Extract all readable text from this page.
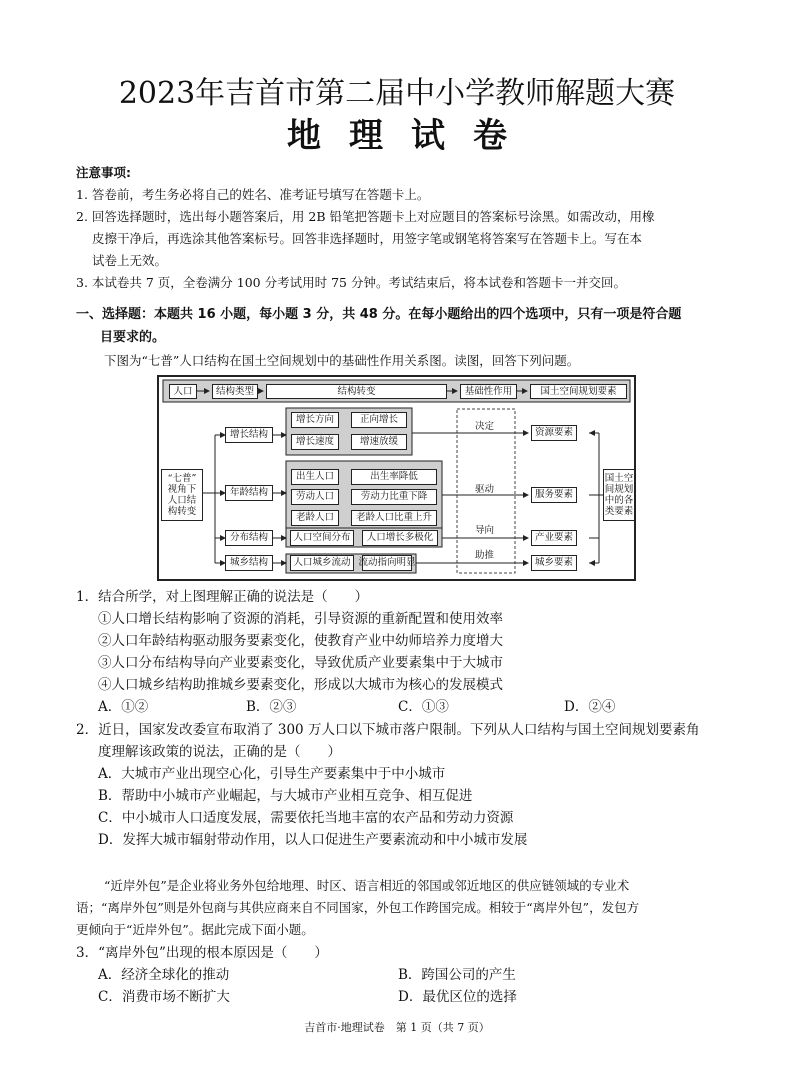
2023年吉首市第二届中小学教师解题大赛
地理试卷
注意事项:
1. 答卷前，考生务必将自己的姓名、准考证号填写在答题卡上。
2. 回答选择题时，选出每小题答案后，用 2B 铅笔把答题卡上对应题目的答案标号涂黑。如需改动，用橡
皮擦干净后，再选涂其他答案标号。回答非选择题时，用签字笔或钢笔将答案写在答题卡上。写在本
试卷上无效。
3. 本试卷共 7 页，全卷满分 100 分考试用时 75 分钟。考试结束后，将本试卷和答题卡一并交回。
一、选择题：本题共 16 小题，每小题 3 分，共 48 分。在每小题给出的四个选项中，只有一项是符合题
目要求的。
下图为“七普”人口结构在国土空间规划中的基础性作用关系图。读图，回答下列问题。
人口	结构类型	结构转变	基础性作用	国土空间规划要素
“七普”
视角下
人口结
构转变
增长结构
年龄结构
分布结构
城乡结构
增长方向	正向增长
增长速度	增速放缓
出生人口	出生率降低
劳动人口	劳动力比重下降
老龄人口	老龄人口比重上升
人口空间分布	人口增长多极化
人口城乡流动 流动指向明显
决定
驱动
导向
助推
资源要素
服务要素
产业要素
城乡要素
国土空
间规划
中的各
类要素
1．结合所学，对上图理解正确的说法是（　　）
①人口增长结构影响了资源的消耗，引导资源的重新配置和使用效率
②人口年龄结构驱动服务要素变化，使教育产业中幼师培养力度增大
③人口分布结构导向产业要素变化，导致优质产业要素集中于大城市
④人口城乡结构助推城乡要素变化，形成以大城市为核心的发展模式
A．①②	B．②③	C．①③	D．②④
2．近日，国家发改委宣布取消了 300 万人口以下城市落户限制。下列从人口结构与国土空间规划要素角
度理解该政策的说法，正确的是（　　）
A．大城市产业出现空心化，引导生产要素集中于中小城市
B．帮助中小城市产业崛起，与大城市产业相互竞争、相互促进
C．中小城市人口适度发展，需要依托当地丰富的农产品和劳动力资源
D．发挥大城市辐射带动作用，以人口促进生产要素流动和中小城市发展
“近岸外包”是企业将业务外包给地理、时区、语言相近的邻国或邻近地区的供应链领域的专业术
语；“离岸外包”则是外包商与其供应商来自不同国家，外包工作跨国完成。相较于“离岸外包”，发包方
更倾向于“近岸外包”。据此完成下面小题。
3．“离岸外包”出现的根本原因是（　　）
A．经济全球化的推动	B．跨国公司的产生
C．消费市场不断扩大	D．最优区位的选择
吉首市·地理试卷　第 1 页（共 7 页）
